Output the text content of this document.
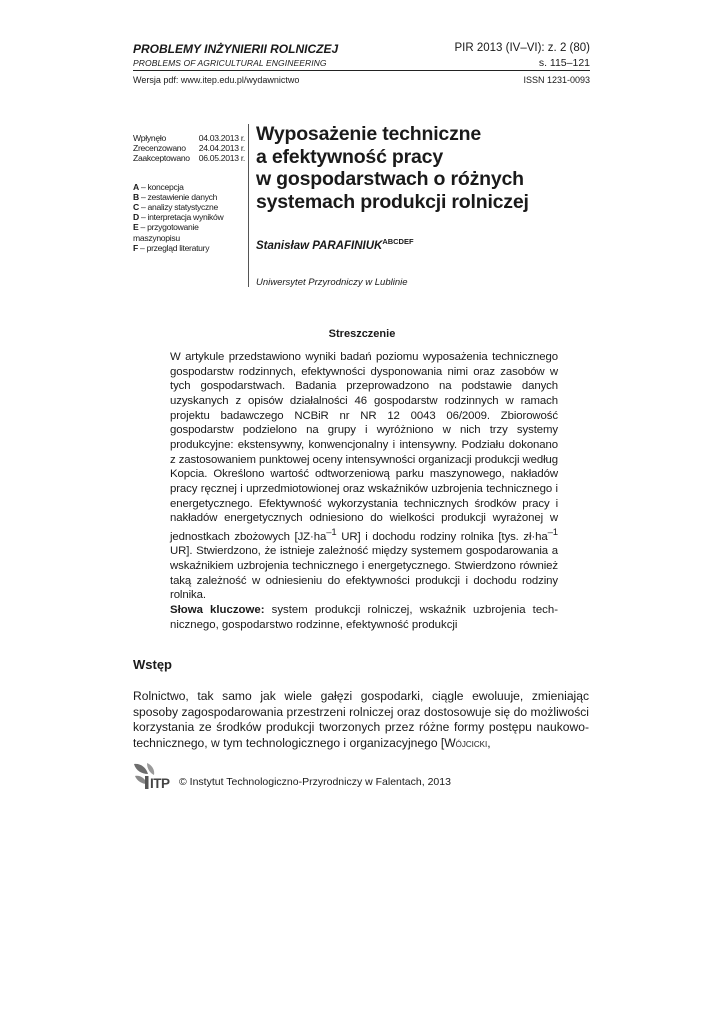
PROBLEMY INŻYNIERII ROLNICZEJ
PROBLEMS OF AGRICULTURAL ENGINEERING
PIR 2013 (IV–VI): z. 2 (80)
s. 115–121
Wersja pdf: www.itep.edu.pl/wydawnictwo	ISSN 1231-0093
Wpłynęło	04.03.2013 r.
Zrecenzowano 24.04.2013 r.
Zaakceptowano 06.05.2013 r.
A – koncepcja
B – zestawienie danych
C – analizy statystyczne
D – interpretacja wyników
E – przygotowanie maszynopisu
F – przegląd literatury
Wyposażenie techniczne
a efektywność pracy
w gospodarstwach o różnych
systemach produkcji rolniczej
Stanisław $PARAFINIUK^{ABCDEF}$
Uniwersytet Przyrodniczy w Lublinie
Streszczenie
W artykule przedstawiono wyniki badań poziomu wyposażenia technicznego gospodarstw rodzinnych, efektywności dysponowania nimi oraz zasobów w tych gospodarstwach. Badania przeprowadzono na podstawie danych uzyskanych z opisów działalności 46 gospodarstw rodzinnych w ramach projektu badawczego NCBiR nr NR 12 0043 06/2009. Zbiorowość gospodarstw podzielono na grupy i wyróżniono w nich trzy systemy produkcyjne: ekstensywny, konwencjonalny i intensywny. Podziału dokonano z zastosowaniem punktowej oceny intensywności organizacji produkcji według Kopcia. Określono wartość odtworzeniową parku maszynowego, nakładów pracy ręcznej i uprzedmiotowionej oraz wskaźników uzbrojenia technicznego i energetycznego. Efektywność wykorzystania technicznych środków pracy i nakładów energetycznych odniesiono do wielkości produkcji wyrażonej w jednostkach zbożowych [$JZ\cdot ha^{-1}$ UR] i dochodu rodziny rolnika [tys. $zł\cdot ha^{-1}$ UR]. Stwierdzono, że istnieje zależność między systemem gospodarowania a wskaźnikiem uzbrojenia technicznego i energetycznego. Stwierdzono również taką zależność w odniesieniu do efektywności produkcji i dochodu rodziny rolnika.
Słowa kluczowe: system produkcji rolniczej, wskaźnik uzbrojenia technicznego, gospodarstwo rodzinne, efektywność produkcji
Wstęp
Rolnictwo, tak samo jak wiele gałęzi gospodarki, ciągle ewoluuje, zmieniając sposoby zagospodarowania przestrzeni rolniczej oraz dostosowuje się do możliwości korzystania ze środków produkcji tworzonych przez różne formy postępu naukowo-technicznego, w tym technologicznego i organizacyjnego [Wójcicki,
ITP © Instytut Technologiczno-Przyrodniczy w Falentach, 2013
